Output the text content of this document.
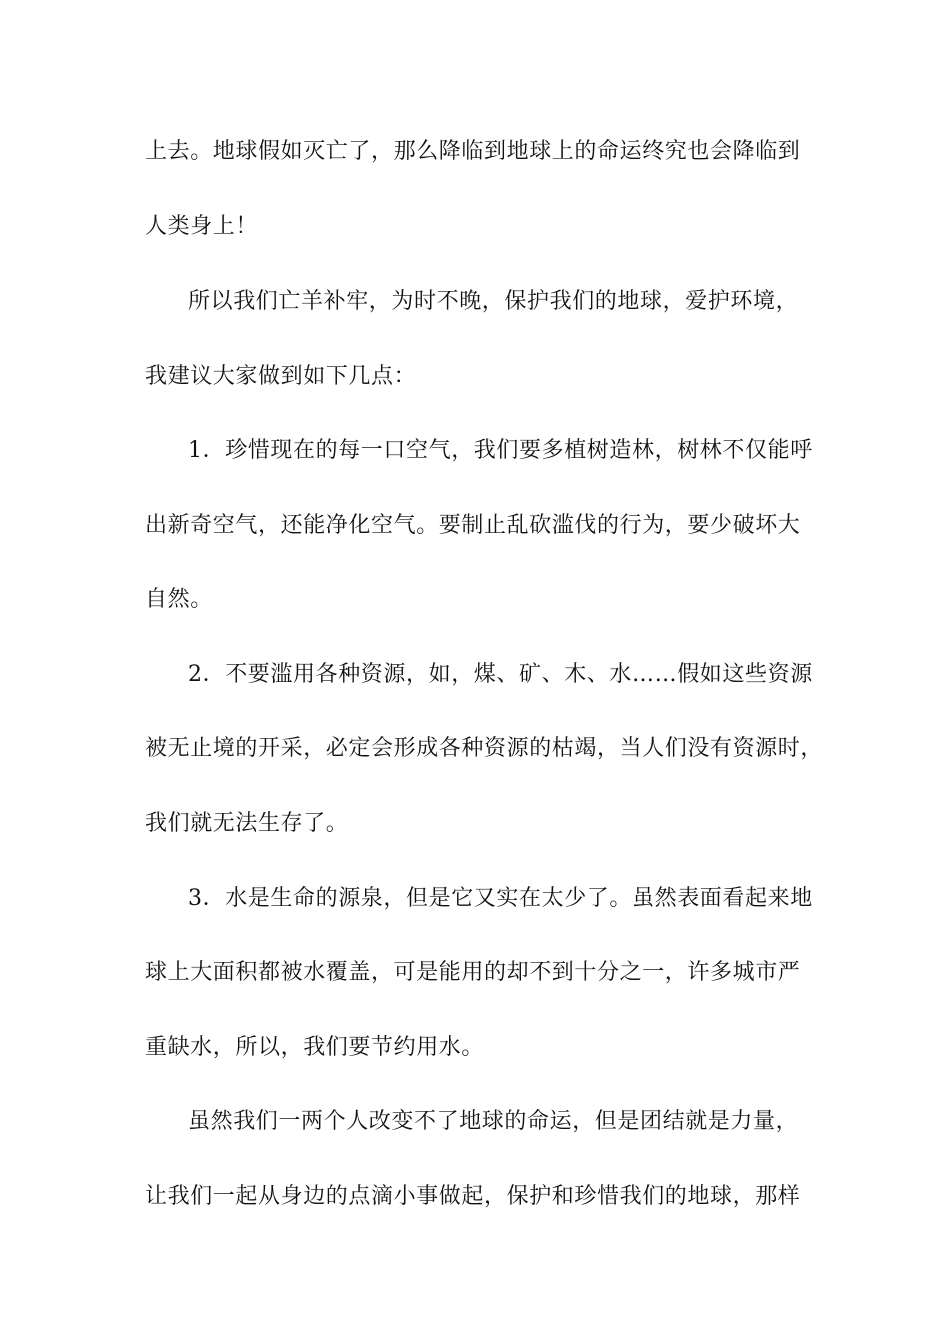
上去。地球假如灭亡了，那么降临到地球上的命运终究也会降临到
人类身上！
所以我们亡羊补牢，为时不晚，保护我们的地球，爱护环境，
我建议大家做到如下几点：
1．珍惜现在的每一口空气，我们要多植树造林，树林不仅能呼
出新奇空气，还能净化空气。要制止乱砍滥伐的行为，要少破坏大
自然。
2．不要滥用各种资源，如，煤、矿、木、水……假如这些资源
被无止境的开采，必定会形成各种资源的枯竭，当人们没有资源时，
我们就无法生存了。
3．水是生命的源泉，但是它又实在太少了。虽然表面看起来地
球上大面积都被水覆盖，可是能用的却不到十分之一，许多城市严
重缺水，所以，我们要节约用水。
虽然我们一两个人改变不了地球的命运，但是团结就是力量，
让我们一起从身边的点滴小事做起，保护和珍惜我们的地球，那样
